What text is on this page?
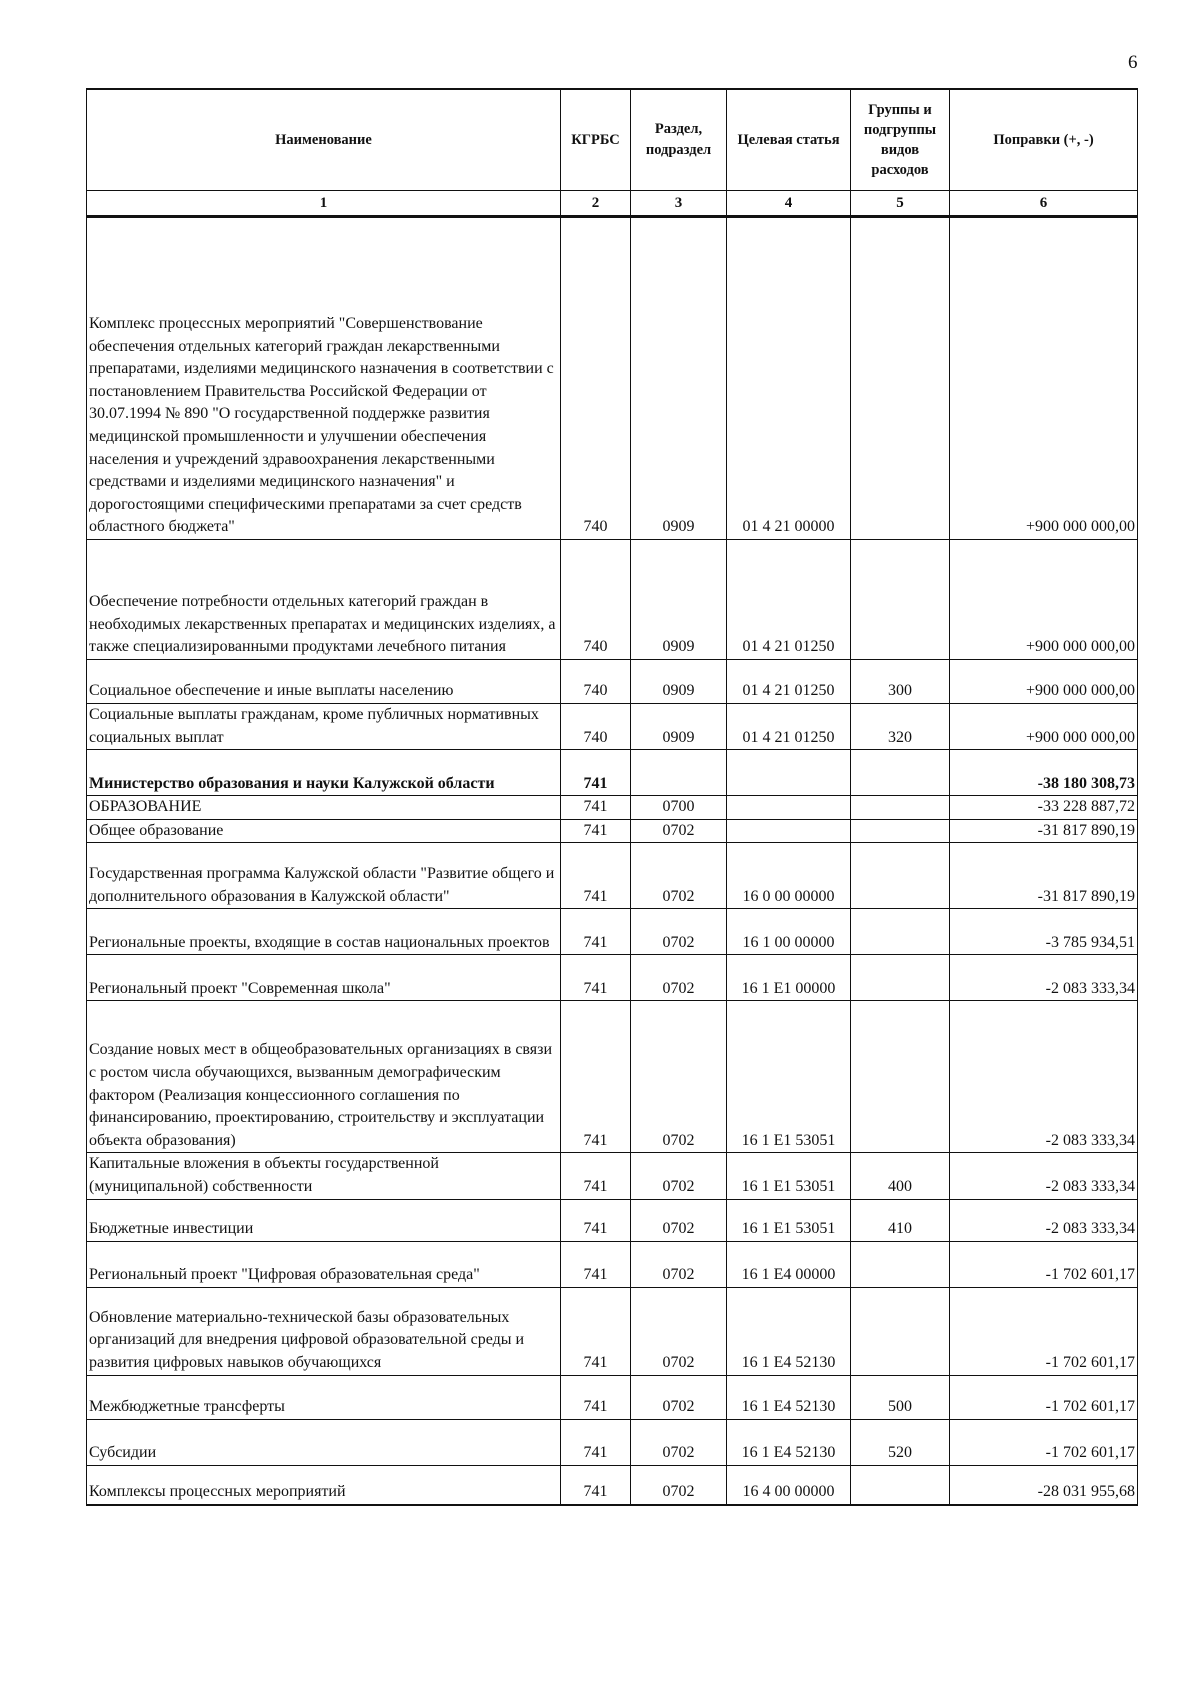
6
Наименование	КГРБС	Раздел, подраздел	Целевая статья	Группы и подгруппы видов расходов	Поправки (+, -)
1	2	3	4	5	6
Комплекс процессных мероприятий "Совершенствование обеспечения отдельных категорий граждан лекарственными препаратами, изделиями медицинского назначения в соответствии с постановлением Правительства Российской Федерации от 30.07.1994 № 890 "О государственной поддержке развития медицинской промышленности и улучшении обеспечения населения и учреждений здравоохранения лекарственными средствами и изделиями медицинского назначения" и дорогостоящими специфическими препаратами за счет средств областного бюджета"	740	0909	01 4 21 00000		+900 000 000,00
Обеспечение потребности отдельных категорий граждан в необходимых лекарственных препаратах и медицинских изделиях, а также специализированными продуктами лечебного питания	740	0909	01 4 21 01250		+900 000 000,00
Социальное обеспечение и иные выплаты населению	740	0909	01 4 21 01250	300	+900 000 000,00
Социальные выплаты гражданам, кроме публичных нормативных социальных выплат	740	0909	01 4 21 01250	320	+900 000 000,00
Министерство образования и науки Калужской области	741				-38 180 308,73
ОБРАЗОВАНИЕ	741	0700			-33 228 887,72
Общее образование	741	0702			-31 817 890,19
Государственная программа Калужской области "Развитие общего и дополнительного образования в Калужской области"	741	0702	16 0 00 00000		-31 817 890,19
Региональные проекты, входящие в состав национальных проектов	741	0702	16 1 00 00000		-3 785 934,51
Региональный проект "Современная школа"	741	0702	16 1 E1 00000		-2 083 333,34
Создание новых мест в общеобразовательных организациях в связи с ростом числа обучающихся, вызванным демографическим фактором (Реализация концессионного соглашения по финансированию, проектированию, строительству и эксплуатации объекта образования)	741	0702	16 1 E1 53051		-2 083 333,34
Капитальные вложения в объекты государственной (муниципальной) собственности	741	0702	16 1 E1 53051	400	-2 083 333,34
Бюджетные инвестиции	741	0702	16 1 E1 53051	410	-2 083 333,34
Региональный проект "Цифровая образовательная среда"	741	0702	16 1 E4 00000		-1 702 601,17
Обновление материально-технической базы образовательных организаций для внедрения цифровой образовательной среды и развития цифровых навыков обучающихся	741	0702	16 1 E4 52130		-1 702 601,17
Межбюджетные трансферты	741	0702	16 1 E4 52130	500	-1 702 601,17
Субсидии	741	0702	16 1 E4 52130	520	-1 702 601,17
Комплексы процессных мероприятий	741	0702	16 4 00 00000		-28 031 955,68
